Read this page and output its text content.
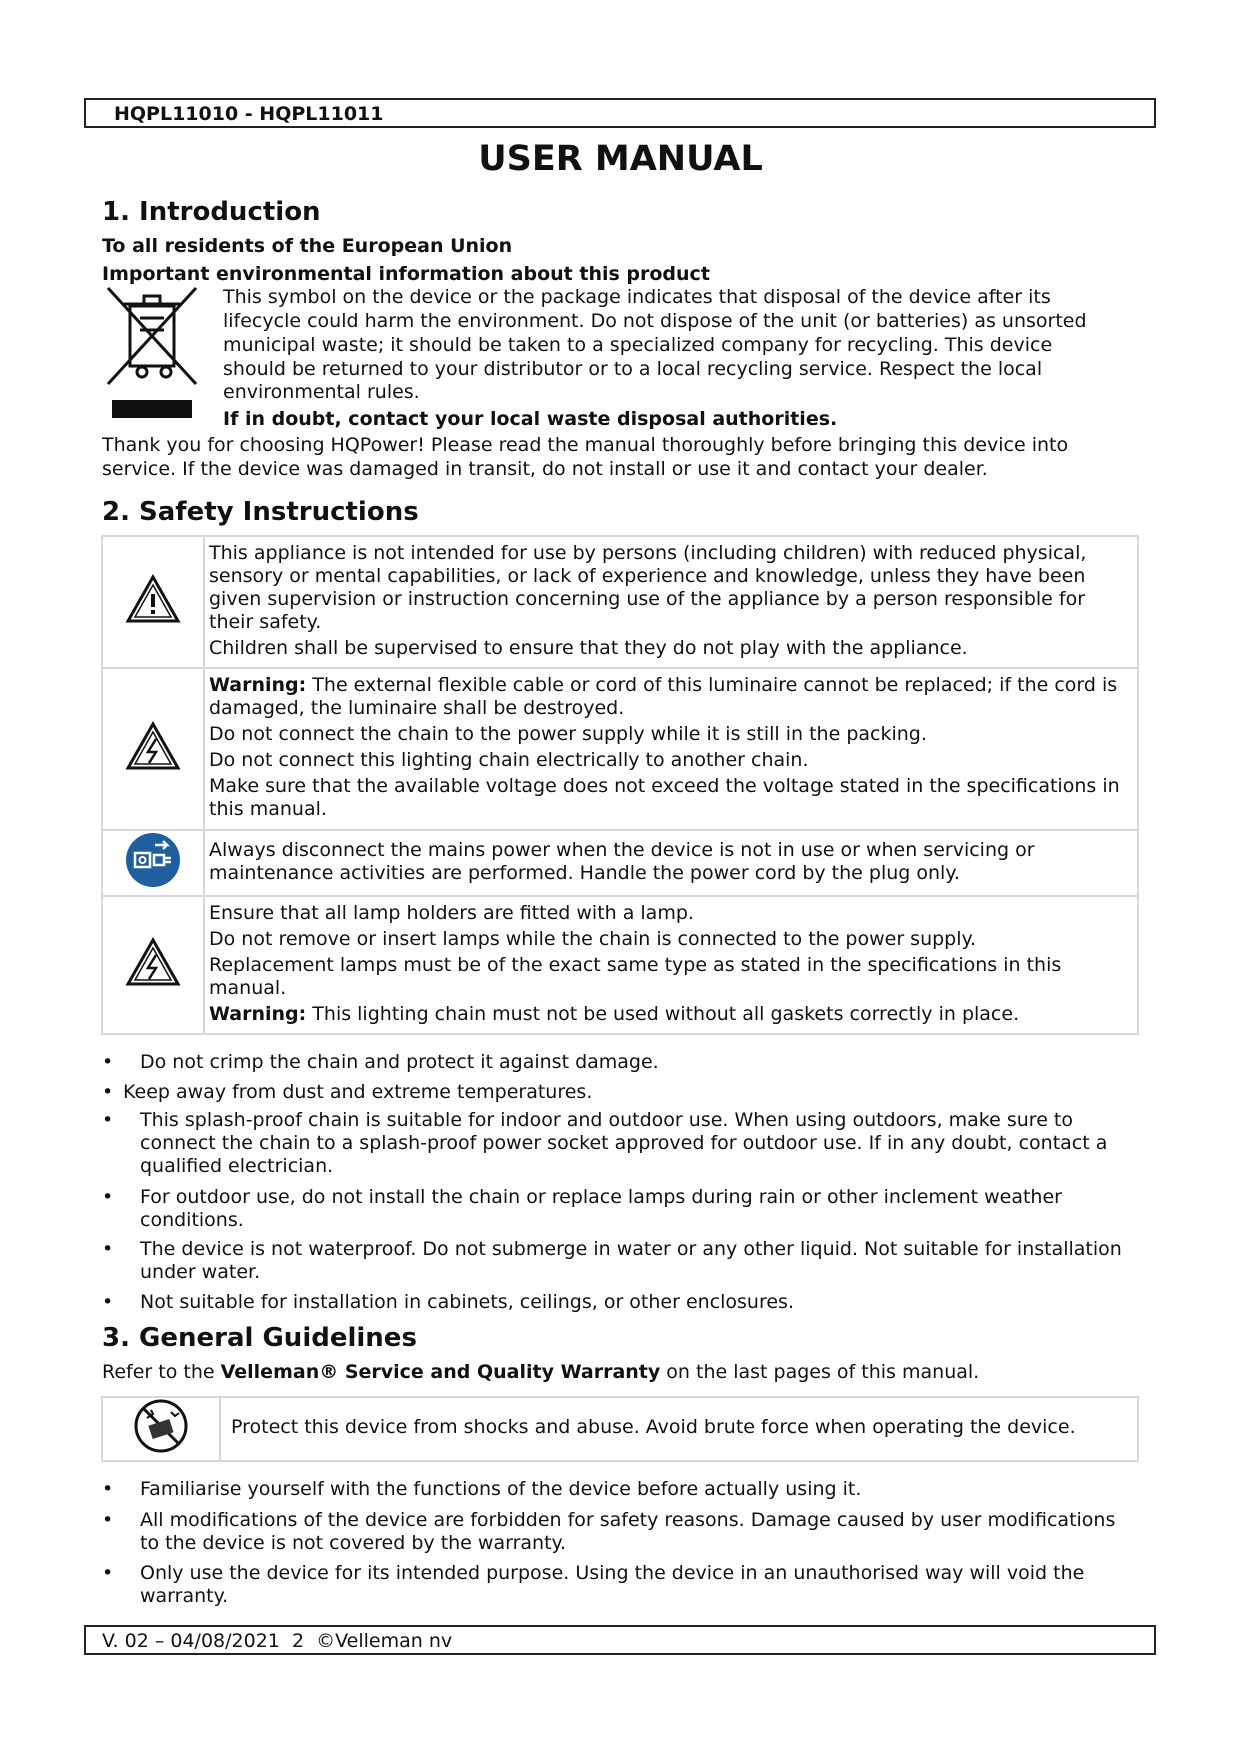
HQPL11010 - HQPL11011
USER MANUAL
1. Introduction
To all residents of the European Union
Important environmental information about this product
This symbol on the device or the package indicates that disposal of the device after its
lifecycle could harm the environment. Do not dispose of the unit (or batteries) as unsorted
municipal waste; it should be taken to a specialized company for recycling. This device
should be returned to your distributor or to a local recycling service. Respect the local
environmental rules.
If in doubt, contact your local waste disposal authorities.
Thank you for choosing HQPower! Please read the manual thoroughly before bringing this device into
service. If the device was damaged in transit, do not install or use it and contact your dealer.
2. Safety Instructions

This appliance is not intended for use by persons (including children) with reduced physical, sensory or mental capabilities, or lack of experience and knowledge, unless they have been given supervision or instruction concerning use of the appliance by a person responsible for their safety.

Children shall be supervised to ensure that they do not play with the appliance.

Warning: The external flexible cable or cord of this luminaire cannot be replaced; if the cord is damaged, the luminaire shall be destroyed.

Do not connect the chain to the power supply while it is still in the packing.

Do not connect this lighting chain electrically to another chain.

Make sure that the available voltage does not exceed the voltage stated in the specifications in this manual.

Always disconnect the mains power when the device is not in use or when servicing or maintenance activities are performed. Handle the power cord by the plug only.

Ensure that all lamp holders are fitted with a lamp.

Do not remove or insert lamps while the chain is connected to the power supply.

Replacement lamps must be of the exact same type as stated in the specifications in this manual.

Warning: This lighting chain must not be used without all gaskets correctly in place.

• Do not crimp the chain and protect it against damage.
• Keep away from dust and extreme temperatures.
• This splash-proof chain is suitable for indoor and outdoor use. When using outdoors, make sure to connect the chain to a splash-proof power socket approved for outdoor use. If in any doubt, contact a qualified electrician.
• For outdoor use, do not install the chain or replace lamps during rain or other inclement weather conditions.
• The device is not waterproof. Do not submerge in water or any other liquid. Not suitable for installation under water.
• Not suitable for installation in cabinets, ceilings, or other enclosures.
3. General Guidelines
Refer to the Velleman® Service and Quality Warranty on the last pages of this manual.

Protect this device from shocks and abuse. Avoid brute force when operating the device.

• Familiarise yourself with the functions of the device before actually using it.
• All modifications of the device are forbidden for safety reasons. Damage caused by user modifications to the device is not covered by the warranty.
• Only use the device for its intended purpose. Using the device in an unauthorised way will void the warranty.
V. 02 – 04/08/2021  2  ©Velleman nv
